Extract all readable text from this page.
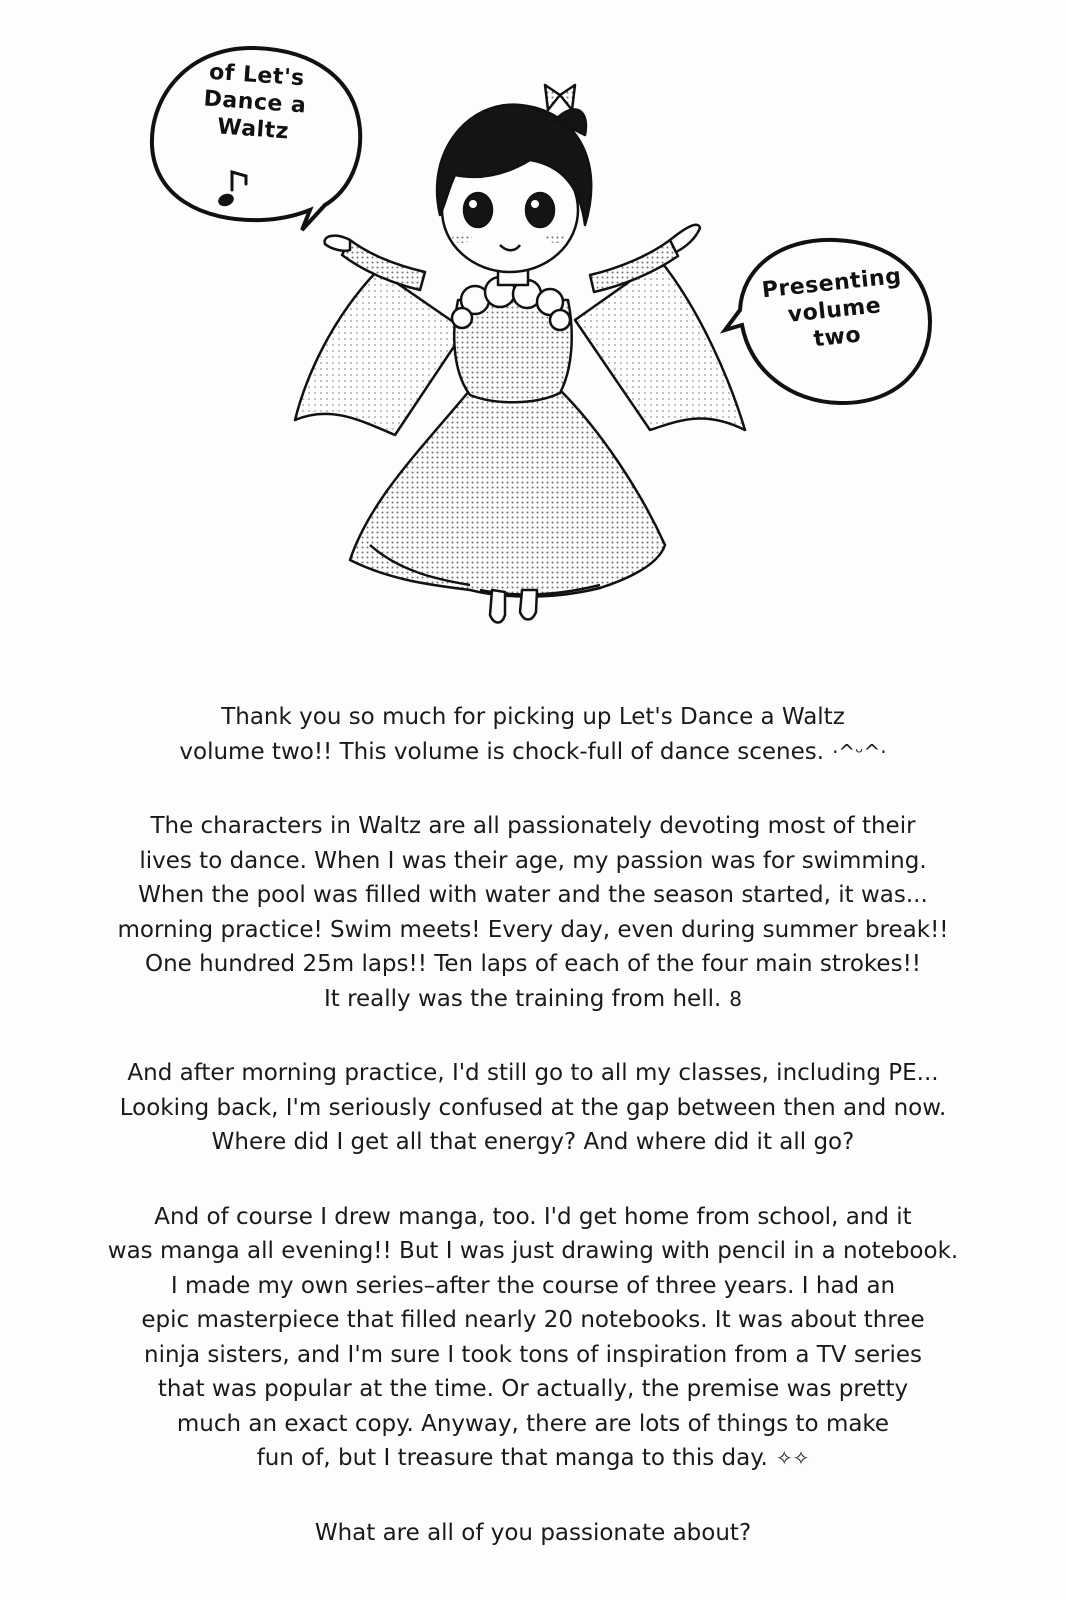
of Let's
Dance a
Waltz
Presenting
volume
two

Thank you so much for picking up Let's Dance a Waltz
volume two!! This volume is chock-full of dance scenes. ·^ᵕ^·

The characters in Waltz are all passionately devoting most of their
lives to dance. When I was their age, my passion was for swimming.
When the pool was filled with water and the season started, it was...
morning practice! Swim meets! Every day, even during summer break!!
One hundred 25m laps!! Ten laps of each of the four main strokes!!
It really was the training from hell. 8

And after morning practice, I'd still go to all my classes, including PE...
Looking back, I'm seriously confused at the gap between then and now.
Where did I get all that energy? And where did it all go?

And of course I drew manga, too. I'd get home from school, and it
was manga all evening!! But I was just drawing with pencil in a notebook.
I made my own series–after the course of three years. I had an
epic masterpiece that filled nearly 20 notebooks. It was about three
ninja sisters, and I'm sure I took tons of inspiration from a TV series
that was popular at the time. Or actually, the premise was pretty
much an exact copy. Anyway, there are lots of things to make
fun of, but I treasure that manga to this day. ✧✧

What are all of you passionate about?
